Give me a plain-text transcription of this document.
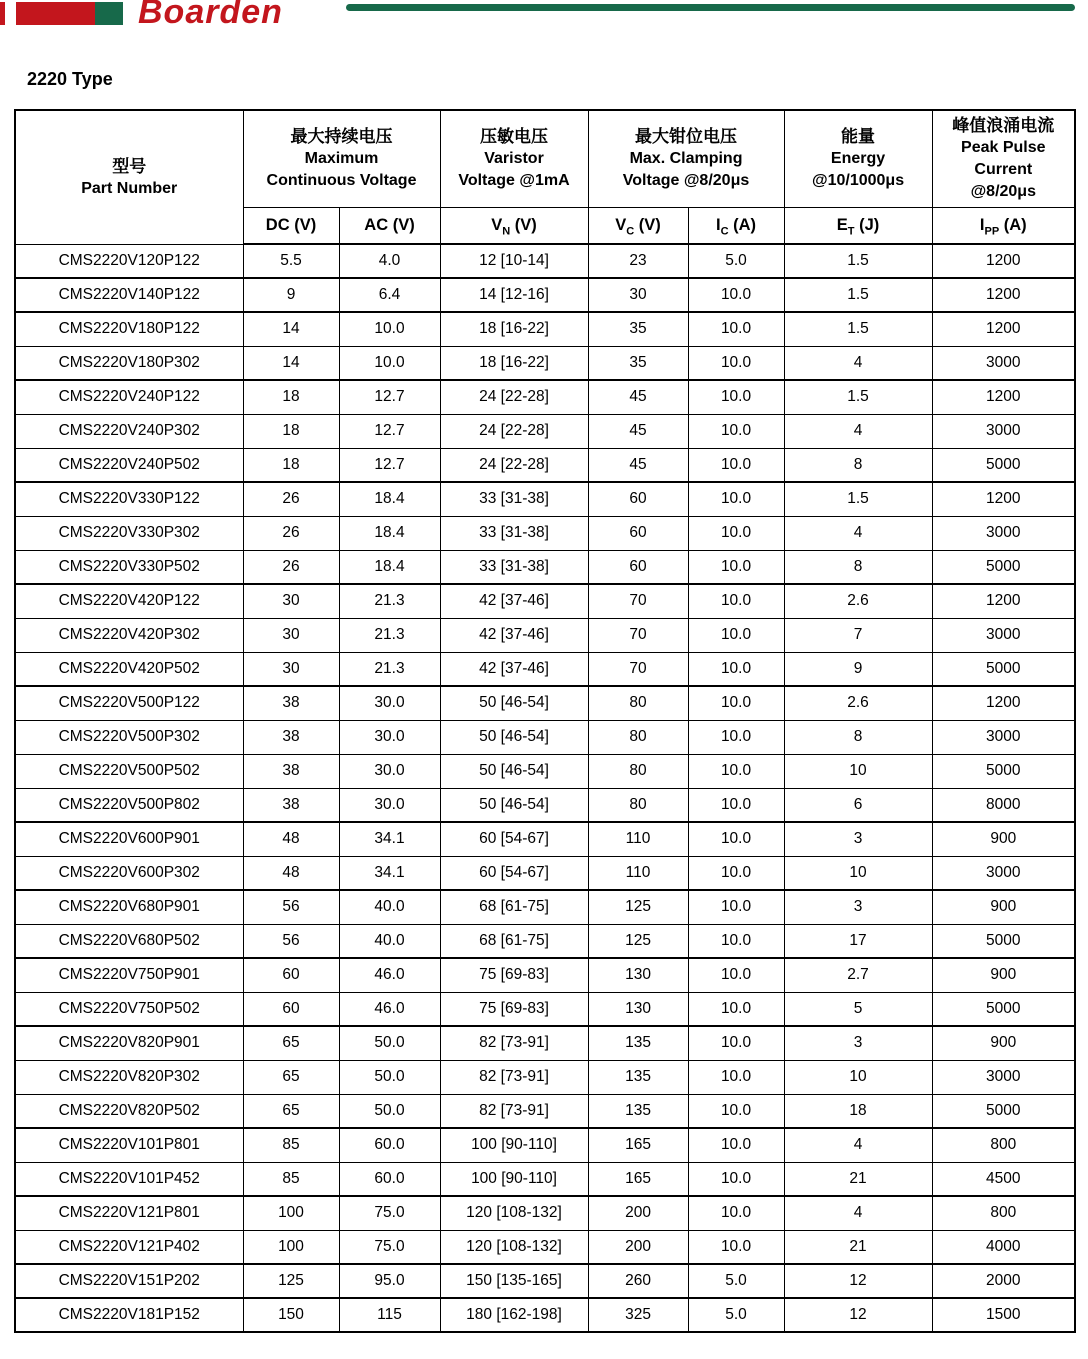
Boarden
2220 Type
型号
Part Number

最大持续电压
Maximum
Continuous Voltage

压敏电压
Varistor
Voltage @1mA

最大钳位电压
Max. Clamping
Voltage @8/20μs

能量
Energy
@10/1000μs

峰值浪涌电流
Peak Pulse
Current
@8/20μs

	DC (V)	AC (V)	$V_N$ (V)	$V_C$ (V)	$I_C$ (A)	$E_T$ (J)	$I_{PP}$ (A)
CMS2220V120P122	5.5	4.0	12 [10-14]	23	5.0	1.5	1200
CMS2220V140P122	9	6.4	14 [12-16]	30	10.0	1.5	1200
CMS2220V180P122	14	10.0	18 [16-22]	35	10.0	1.5	1200
CMS2220V180P302	14	10.0	18 [16-22]	35	10.0	4	3000
CMS2220V240P122	18	12.7	24 [22-28]	45	10.0	1.5	1200
CMS2220V240P302	18	12.7	24 [22-28]	45	10.0	4	3000
CMS2220V240P502	18	12.7	24 [22-28]	45	10.0	8	5000
CMS2220V330P122	26	18.4	33 [31-38]	60	10.0	1.5	1200
CMS2220V330P302	26	18.4	33 [31-38]	60	10.0	4	3000
CMS2220V330P502	26	18.4	33 [31-38]	60	10.0	8	5000
CMS2220V420P122	30	21.3	42 [37-46]	70	10.0	2.6	1200
CMS2220V420P302	30	21.3	42 [37-46]	70	10.0	7	3000
CMS2220V420P502	30	21.3	42 [37-46]	70	10.0	9	5000
CMS2220V500P122	38	30.0	50 [46-54]	80	10.0	2.6	1200
CMS2220V500P302	38	30.0	50 [46-54]	80	10.0	8	3000
CMS2220V500P502	38	30.0	50 [46-54]	80	10.0	10	5000
CMS2220V500P802	38	30.0	50 [46-54]	80	10.0	6	8000
CMS2220V600P901	48	34.1	60 [54-67]	110	10.0	3	900
CMS2220V600P302	48	34.1	60 [54-67]	110	10.0	10	3000
CMS2220V680P901	56	40.0	68 [61-75]	125	10.0	3	900
CMS2220V680P502	56	40.0	68 [61-75]	125	10.0	17	5000
CMS2220V750P901	60	46.0	75 [69-83]	130	10.0	2.7	900
CMS2220V750P502	60	46.0	75 [69-83]	130	10.0	5	5000
CMS2220V820P901	65	50.0	82 [73-91]	135	10.0	3	900
CMS2220V820P302	65	50.0	82 [73-91]	135	10.0	10	3000
CMS2220V820P502	65	50.0	82 [73-91]	135	10.0	18	5000
CMS2220V101P801	85	60.0	100 [90-110]	165	10.0	4	800
CMS2220V101P452	85	60.0	100 [90-110]	165	10.0	21	4500
CMS2220V121P801	100	75.0	120 [108-132]	200	10.0	4	800
CMS2220V121P402	100	75.0	120 [108-132]	200	10.0	21	4000
CMS2220V151P202	125	95.0	150 [135-165]	260	5.0	12	2000
CMS2220V181P152	150	115	180 [162-198]	325	5.0	12	1500
